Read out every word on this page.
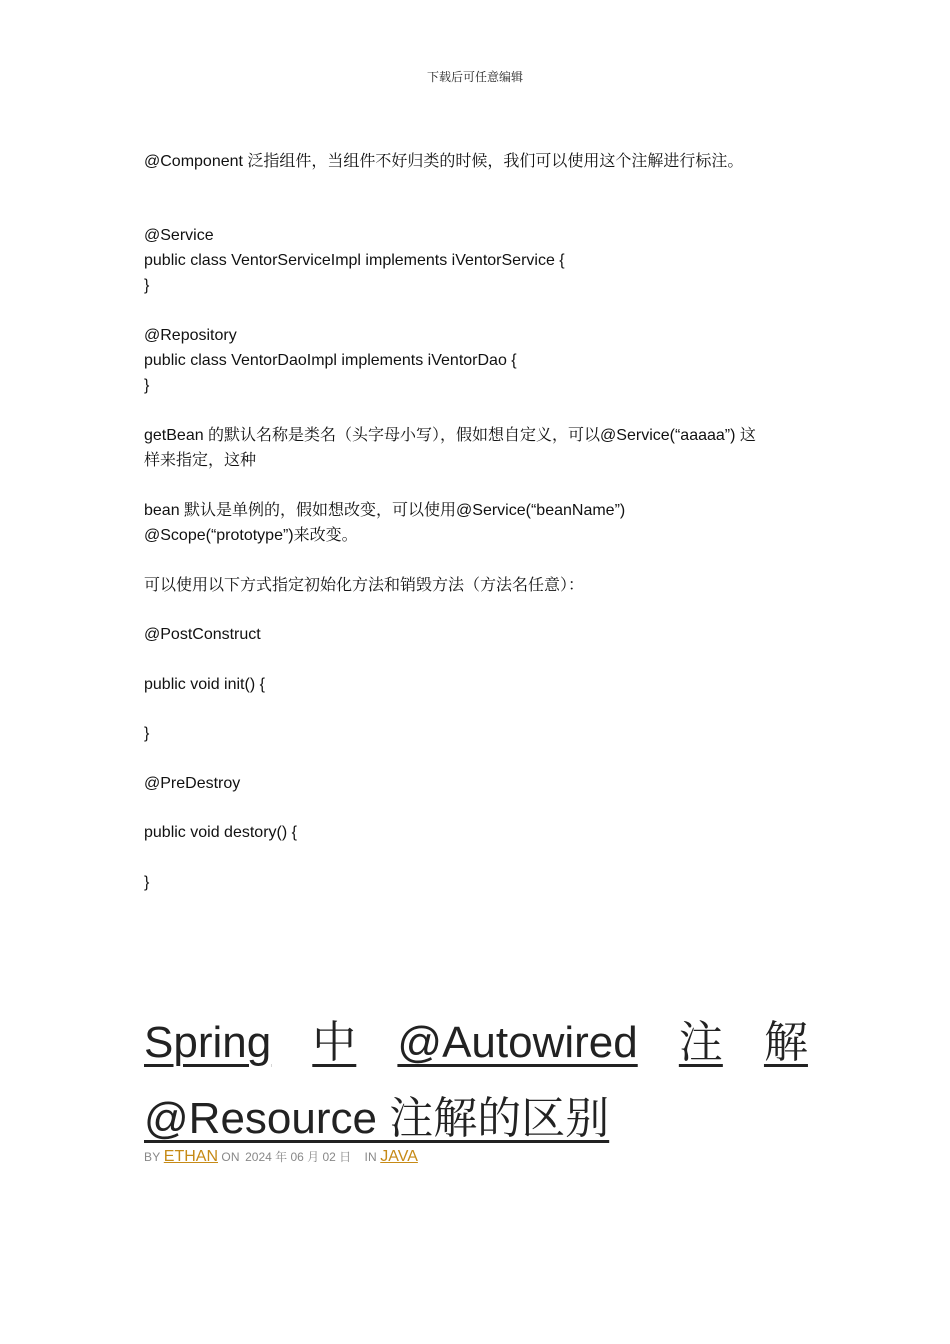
下载后可任意编辑
@Component 泛指组件，当组件不好归类的时候，我们可以使用这个注解进行标注。
@Service
public class VentorServiceImpl implements iVentorService {
}
@Repository
public class VentorDaoImpl implements iVentorDao {
}
getBean 的默认名称是类名（头字母小写），假如想自定义，可以@Service(“aaaaa”) 这
样来指定，这种
bean 默认是单例的，假如想改变，可以使用@Service(“beanName”)
@Scope(“prototype”)来改变。
可以使用以下方式指定初始化方法和销毁方法（方法名任意）：
@PostConstruct
public void init() {
}
@PreDestroy
public void destory() {
}
Spring 中 @Autowired 注 解
@Resource 注解的区别
BY ETHAN ON 2024 年 06 月 02 日 IN JAVA
